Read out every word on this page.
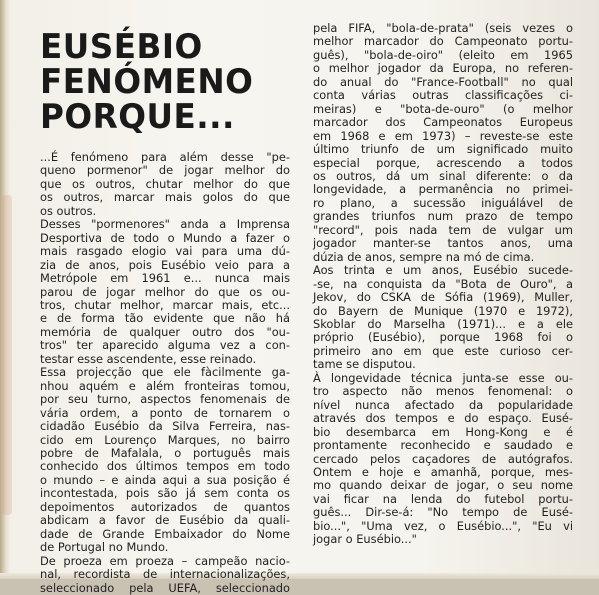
EUSÉBIO
FENÓMENO
PORQUE...
...É fenómeno para além desse "pe-
queno pormenor" de jogar melhor do
que os outros, chutar melhor do que
os outros, marcar mais golos do que
os outros.
Desses "pormenores" anda a Imprensa
Desportiva de todo o Mundo a fazer o
mais rasgado elogio vai para uma dú-
zia de anos, pois Eusébio veio para a
Metrópole em 1961 e... nunca mais
parou de jogar melhor do que os ou-
tros, chutar melhor, marcar mais, etc...
e de forma tão evidente que não há
memória de qualquer outro dos "ou-
tros" ter aparecido alguma vez a con-
testar esse ascendente, esse reinado.
Essa projecção que ele fàcilmente ga-
nhou aquém e além fronteiras tomou,
por seu turno, aspectos fenomenais de
vária ordem, a ponto de tornarem o
cidadão Eusébio da Silva Ferreira, nas-
cido em Lourenço Marques, no bairro
pobre de Mafalala, o português mais
conhecido dos últimos tempos em todo
o mundo – e ainda aqui a sua posição é
incontestada, pois são já sem conta os
depoimentos autorizados de quantos
abdicam a favor de Eusébio da quali-
dade de Grande Embaixador do Nome
de Portugal no Mundo.
De proeza em proeza – campeão nacio-
nal, recordista de internacionalizações,
seleccionado pela UEFA, seleccionado
pela FIFA, "bola-de-prata" (seis vezes o
melhor marcador do Campeonato portu-
guês), "bola-de-oiro" (eleito em 1965
o melhor jogador da Europa, no referen-
do anual do "France-Football" no qual
conta várias outras classificações ci-
meiras) e "bota-de-ouro" (o melhor
marcador dos Campeonatos Europeus
em 1968 e em 1973) – reveste-se este
último triunfo de um significado muito
especial porque, acrescendo a todos
os outros, dá um sinal diferente: o da
longevidade, a permanência no primei-
ro plano, a sucessão iniguálável de
grandes triunfos num prazo de tempo
"record", pois nada tem de vulgar um
jogador manter-se tantos anos, uma
dúzia de anos, sempre na mó de cima.
Aos trinta e um anos, Eusébio sucede-
-se, na conquista da "Bota de Ouro", a
Jekov, do CSKA de Sófia (1969), Muller,
do Bayern de Munique (1970 e 1972),
Skoblar do Marselha (1971)... e a ele
próprio (Eusébio), porque 1968 foi o
primeiro ano em que este curioso cer-
tame se disputou.
À longevidade técnica junta-se esse ou-
tro aspecto não menos fenomenal: o
nível nunca afectado da popularidade
através dos tempos e do espaço. Eusé-
bio desembarca em Hong-Kong e é
prontamente reconhecido e saudado e
cercado pelos caçadores de autógrafos.
Ontem e hoje e amanhã, porque, mes-
mo quando deixar de jogar, o seu nome
vai ficar na lenda do futebol portu-
guês... Dir-se-á: "No tempo de Eusé-
bio...", "Uma vez, o Eusébio...", "Eu vi
jogar o Eusébio..."
